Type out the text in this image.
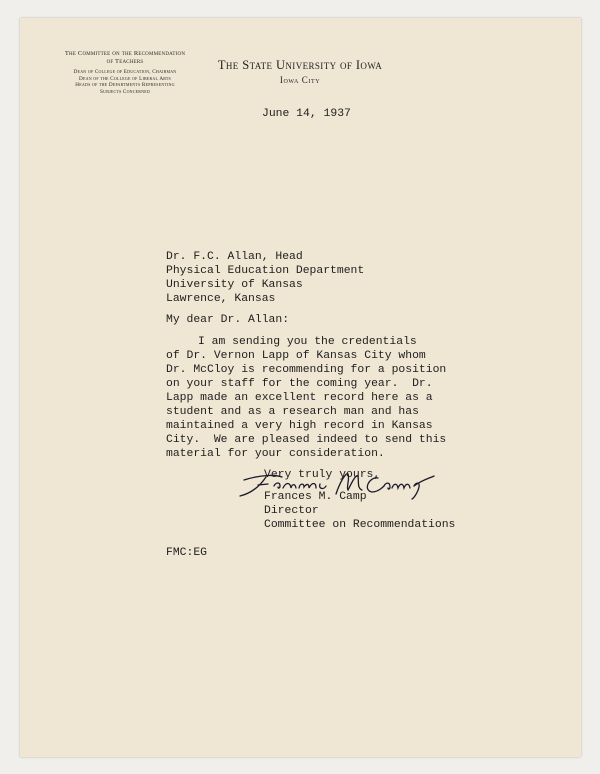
The Committee on the Recommendation
of Teachers
Dean of College of Education, Chairman
Dean of the College of Liberal Arts
Heads of the Departments Representing
Subjects Concerned
The State University of Iowa
Iowa City
June 14, 1937
Dr. F.C. Allan, Head
Physical Education Department
University of Kansas
Lawrence, Kansas
My dear Dr. Allan:
I am sending you the credentials
of Dr. Vernon Lapp of Kansas City whom
Dr. McCloy is recommending for a position
on your staff for the coming year.  Dr.
Lapp made an excellent record here as a
student and as a research man and has
maintained a very high record in Kansas
City.  We are pleased indeed to send this
material for your consideration.
Very truly yours,
Frances M. Camp
Director
Committee on Recommendations
FMC:EG
